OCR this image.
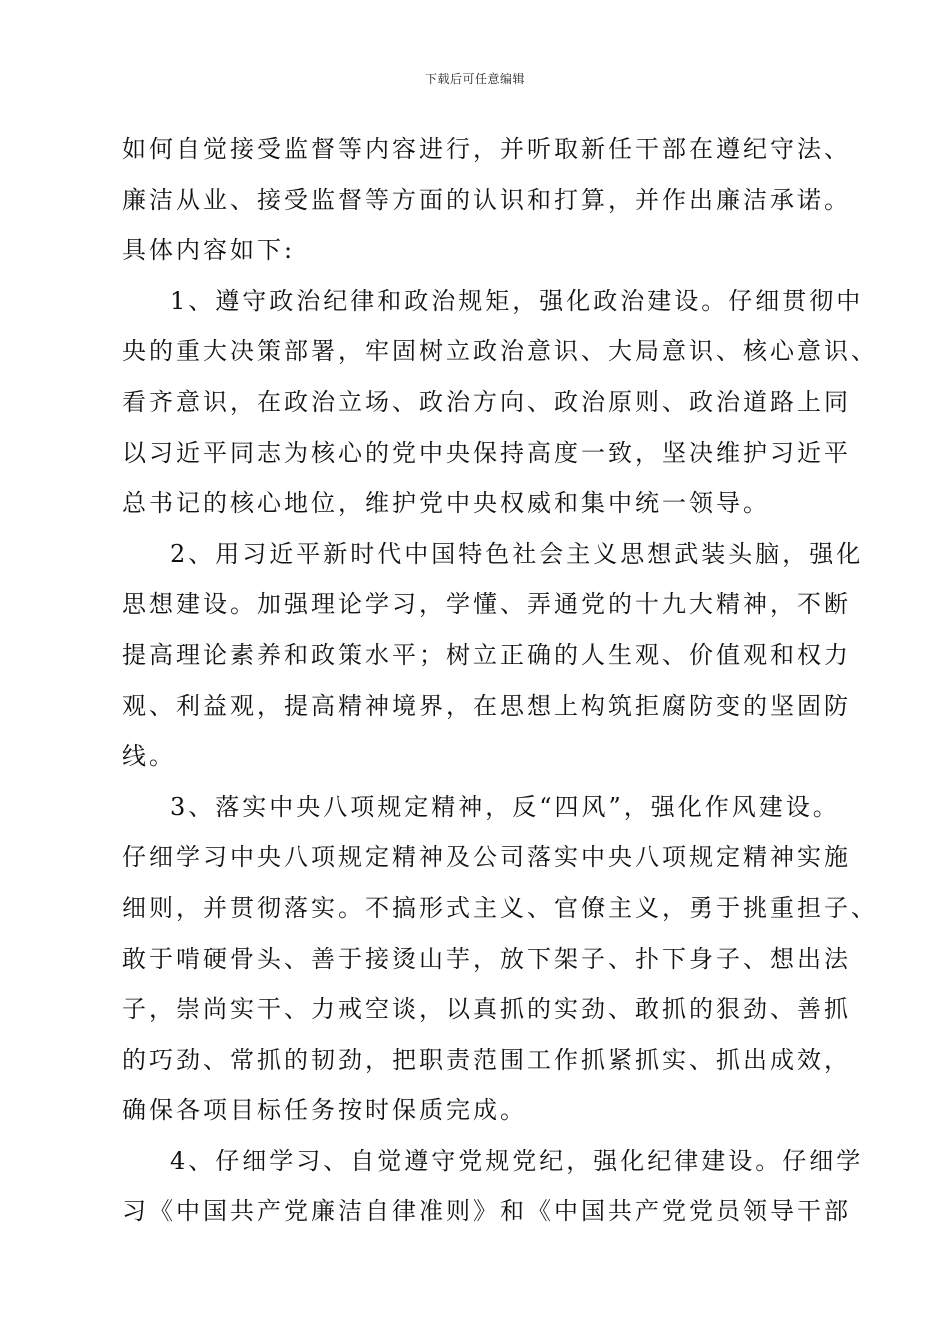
下载后可任意编辑
如何自觉接受监督等内容进行，并听取新任干部在遵纪守法、
廉洁从业、接受监督等方面的认识和打算，并作出廉洁承诺。
具体内容如下:
1、遵守政治纪律和政治规矩，强化政治建设。仔细贯彻中
央的重大决策部署，牢固树立政治意识、大局意识、核心意识、
看齐意识，在政治立场、政治方向、政治原则、政治道路上同
以习近平同志为核心的党中央保持高度一致，坚决维护习近平
总书记的核心地位，维护党中央权威和集中统一领导。
2、用习近平新时代中国特色社会主义思想武装头脑，强化
思想建设。加强理论学习，学懂、弄通党的十九大精神，不断
提高理论素养和政策水平；树立正确的人生观、价值观和权力
观、利益观，提高精神境界，在思想上构筑拒腐防变的坚固防
线。
3、落实中央八项规定精神，反“四风”，强化作风建设。
仔细学习中央八项规定精神及公司落实中央八项规定精神实施
细则，并贯彻落实。不搞形式主义、官僚主义，勇于挑重担子、
敢于啃硬骨头、善于接烫山芋，放下架子、扑下身子、想出法
子，崇尚实干、力戒空谈，以真抓的实劲、敢抓的狠劲、善抓
的巧劲、常抓的韧劲，把职责范围工作抓紧抓实、抓出成效，
确保各项目标任务按时保质完成。
4、仔细学习、自觉遵守党规党纪，强化纪律建设。仔细学
习《中国共产党廉洁自律准则》和《中国共产党党员领导干部
